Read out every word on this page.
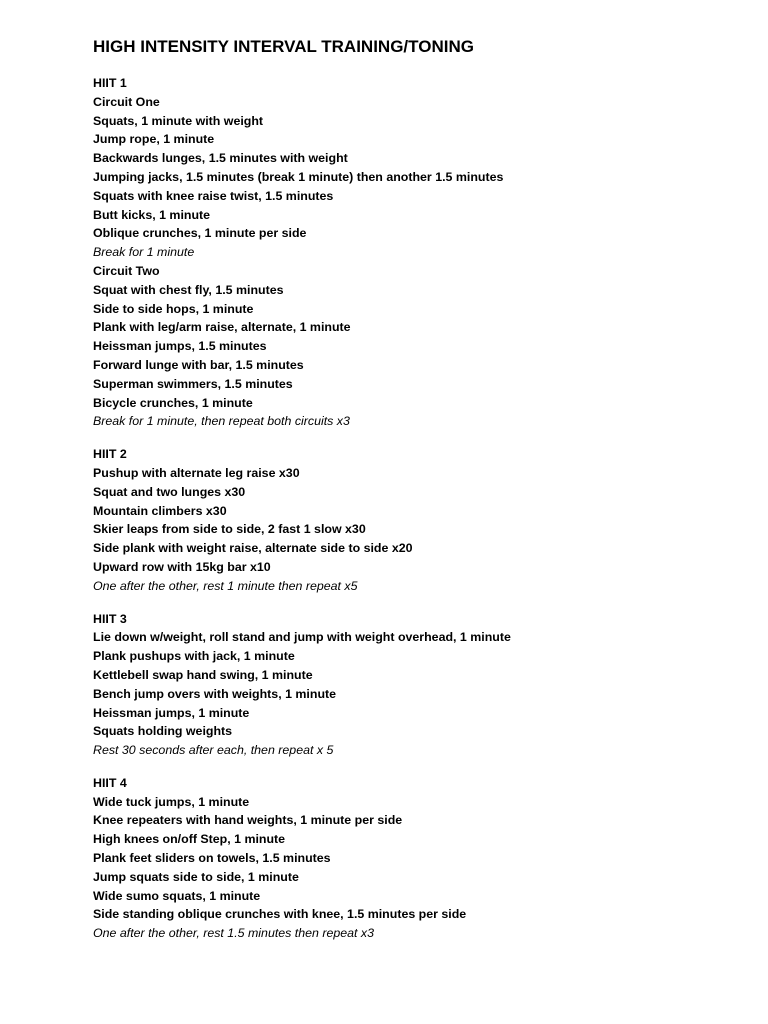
HIGH INTENSITY INTERVAL TRAINING/TONING
HIIT 1
Circuit One
Squats, 1 minute with weight
Jump rope, 1 minute
Backwards lunges, 1.5 minutes with weight
Jumping jacks, 1.5 minutes (break 1 minute) then another 1.5 minutes
Squats with knee raise twist, 1.5 minutes
Butt kicks, 1 minute
Oblique crunches, 1 minute per side
Break for 1 minute
Circuit Two
Squat with chest fly, 1.5 minutes
Side to side hops, 1 minute
Plank with leg/arm raise, alternate, 1 minute
Heissman jumps, 1.5 minutes
Forward lunge with bar, 1.5 minutes
Superman swimmers, 1.5 minutes
Bicycle crunches, 1 minute
Break for 1 minute, then repeat both circuits x3
HIIT 2
Pushup with alternate leg raise x30
Squat and two lunges x30
Mountain climbers x30
Skier leaps from side to side, 2 fast 1 slow x30
Side plank with weight raise, alternate side to side x20
Upward row with 15kg bar x10
One after the other, rest 1 minute then repeat x5
HIIT 3
Lie down w/weight, roll stand and jump with weight overhead, 1 minute
Plank pushups with jack, 1 minute
Kettlebell swap hand swing, 1 minute
Bench jump overs with weights, 1 minute
Heissman jumps, 1 minute
Squats holding weights
Rest 30 seconds after each, then repeat x 5
HIIT 4
Wide tuck jumps, 1 minute
Knee repeaters with hand weights, 1 minute per side
High knees on/off Step, 1 minute
Plank feet sliders on towels, 1.5 minutes
Jump squats side to side, 1 minute
Wide sumo squats, 1 minute
Side standing oblique crunches with knee, 1.5 minutes per side
One after the other, rest 1.5 minutes then repeat x3
